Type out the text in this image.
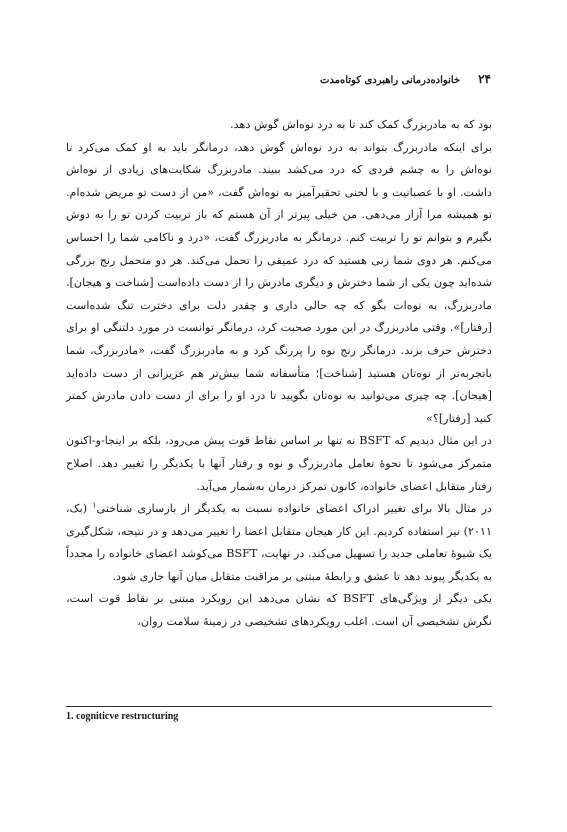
۲۴
خانواده‌درمانی راهبردی کوتاه‌مدت

بود که به مادربزرگ کمک کند تا به درد نوه‌اش گوش دهد.

برای اینکه مادربزرگ بتواند به درد نوه‌اش گوش دهد، درمانگر باید به او کمک می‌کرد تا نوه‌اش را به چشم فردی که درد می‌کشد ببیند. مادربزرگ شکایت‌های زیادی از نوه‌اش داشت. او با عصبانیت و با لحنی تحقیرآمیز به نوه‌اش گفت، «من از دست تو مریض شده‌ام. تو همیشه مرا آزار می‌دهی. من خیلی پیرتر از آن هستم که باز تربیت کردن تو را به دوش بگیرم و بتوانم تو را تربیت کنم. درمانگر به مادربزرگ گفت، «درد و ناکامی شما را احساس می‌کنم. هر دوی شما زنی هستید که درد عمیقی را تحمل می‌کند. هر دو متحمل رنج بزرگی شده‌اید چون یکی از شما دخترش و دیگری مادرش را از دست داده‌است [شناخت و هیجان]. مادربزرگ، به نوه‌ات بگو که چه حالی داری و چقدر دلت برای دخترت تنگ شده‌است [رفتار]». وقتی مادربزرگ در این مورد صحبت کرد، درمانگر توانست در مورد دلتنگی او برای دخترش حرف بزند. درمانگر رنج نوه را پررنگ کرد و به مادربزرگ گفت، «مادربزرگ، شما باتجربه‌تر از نوه‌تان هستید [شناخت]؛ متأسفانه شما بیش‌تر هم عزیزانی از دست داده‌اید [هیجان]. چه چیزی می‌توانید به نوه‌تان بگویید تا درد او را برای از دست دادن مادرش کمتر کنید [رفتار]؟»

در این مثال دیدیم که BSFT نه تنها بر اساس نقاط قوت پیش می‌رود، بلکه بر اینجا-و-اکنون متمرکز می‌شود تا نحوهٔ تعامل مادربزرگ و نوه و رفتار آنها با یکدیگر را تغییر دهد. اصلاح رفتار متقابل اعضای خانواده، کانون تمرکز درمان به‌شمار می‌آید.

در مثال بالا برای تغییر ادراک اعضای خانواده نسبت به یکدیگر از بازسازی شناختی$^۱$ (بک، ۲۰۱۱) نیز استفاده کردیم. این کار هیجان متقابل اعضا را تغییر می‌دهد و در نتیجه، شکل‌گیری یک شیوهٔ تعاملی جدید را تسهیل می‌کند. در نهایت، BSFT می‌کوشد اعضای خانواده را مجدداً به یکدیگر پیوند دهد تا عشق و رابطهٔ مبتنی بر مراقبت متقابل میان آنها جاری شود.

یکی دیگر از ویژگی‌های BSFT که نشان می‌دهد این رویکرد مبتنی بر نقاط قوت است، نگرش تشخیصی آن است. اغلب رویکردهای تشخیصی در زمینهٔ سلامت روان،

1. cogniticve restructuring
